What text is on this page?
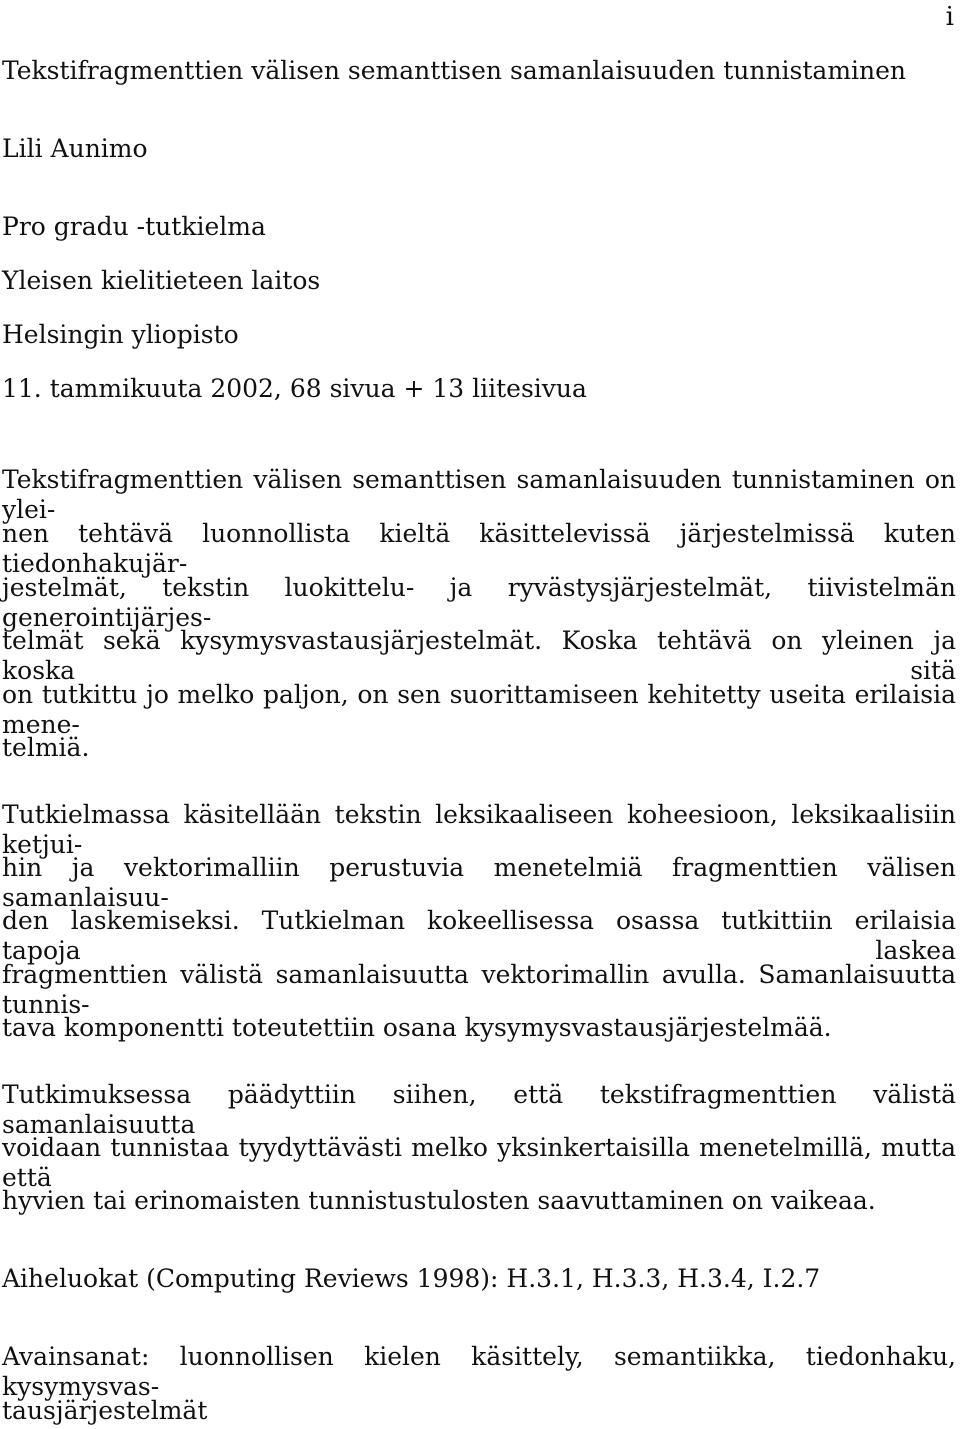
i
Tekstifragmenttien välisen semanttisen samanlaisuuden tunnistaminen
Lili Aunimo
Pro gradu -tutkielma
Yleisen kielitieteen laitos
Helsingin yliopisto
11. tammikuuta 2002, 68 sivua + 13 liitesivua
Tekstifragmenttien välisen semanttisen samanlaisuuden tunnistaminen on ylei-
nen tehtävä luonnollista kieltä käsittelevissä järjestelmissä kuten tiedonhakujär-
jestelmät, tekstin luokittelu- ja ryvästysjärjestelmät, tiivistelmän generointijärjes-
telmät sekä kysymysvastausjärjestelmät. Koska tehtävä on yleinen ja koska sitä
on tutkittu jo melko paljon, on sen suorittamiseen kehitetty useita erilaisia mene-
telmiä.
Tutkielmassa käsitellään tekstin leksikaaliseen koheesioon, leksikaalisiin ketjui-
hin ja vektorimalliin perustuvia menetelmiä fragmenttien välisen samanlaisuu-
den laskemiseksi. Tutkielman kokeellisessa osassa tutkittiin erilaisia tapoja laskea
fragmenttien välistä samanlaisuutta vektorimallin avulla. Samanlaisuutta tunnis-
tava komponentti toteutettiin osana kysymysvastausjärjestelmää.
Tutkimuksessa päädyttiin siihen, että tekstifragmenttien välistä samanlaisuutta
voidaan tunnistaa tyydyttävästi melko yksinkertaisilla menetelmillä, mutta että
hyvien tai erinomaisten tunnistustulosten saavuttaminen on vaikeaa.
Aiheluokat (Computing Reviews 1998): H.3.1, H.3.3, H.3.4, I.2.7
Avainsanat: luonnollisen kielen käsittely, semantiikka, tiedonhaku, kysymysvas-
tausjärjestelmät
